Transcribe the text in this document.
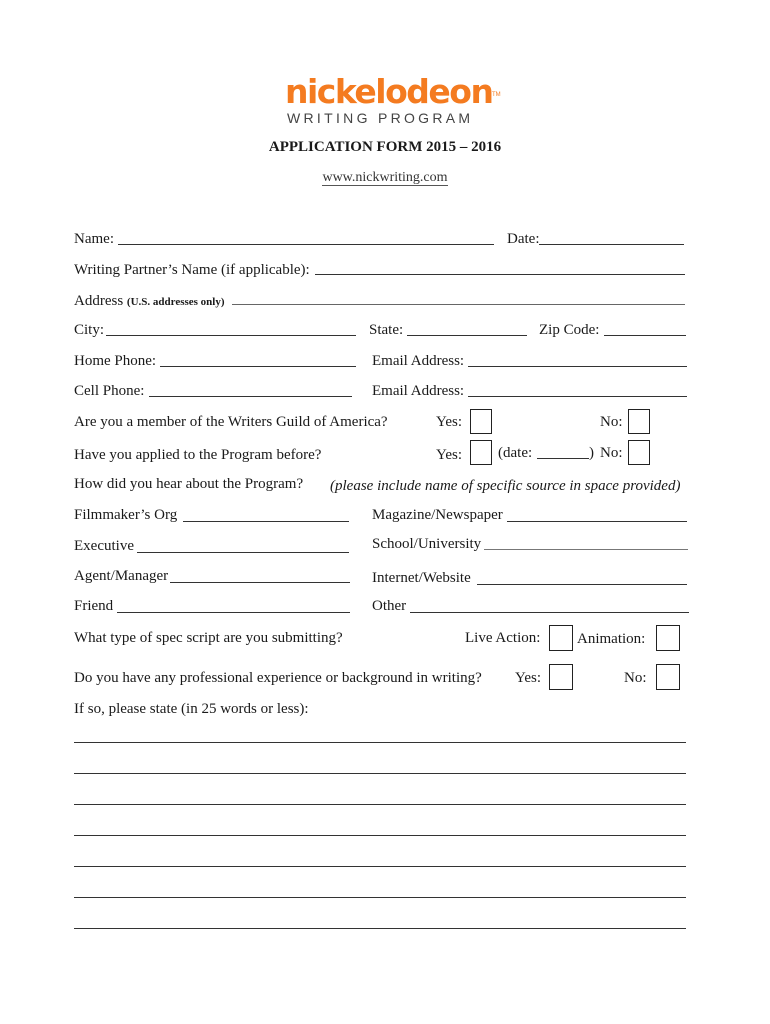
nickelodeon TM
WRITING PROGRAM
APPLICATION FORM 2015 – 2016
www.nickwriting.com
Name:	Date:
Writing Partner’s Name (if applicable):
Address (U.S. addresses only)
City:	State:	Zip Code:
Home Phone:	Email Address:
Cell Phone:	Email Address:
Are you a member of the Writers Guild of America?	Yes:	No:
Have you applied to the Program before?	Yes: (date:	) No:
How did you hear about the Program? (please include name of specific source in space provided)
Filmmaker’s Org	Magazine/Newspaper
Executive	School/University
Agent/Manager	Internet/Website
Friend	Other
What type of spec script are you submitting?	Live Action: Animation:
Do you have any professional experience or background in writing? Yes:	No:
If so, please state (in 25 words or less):
